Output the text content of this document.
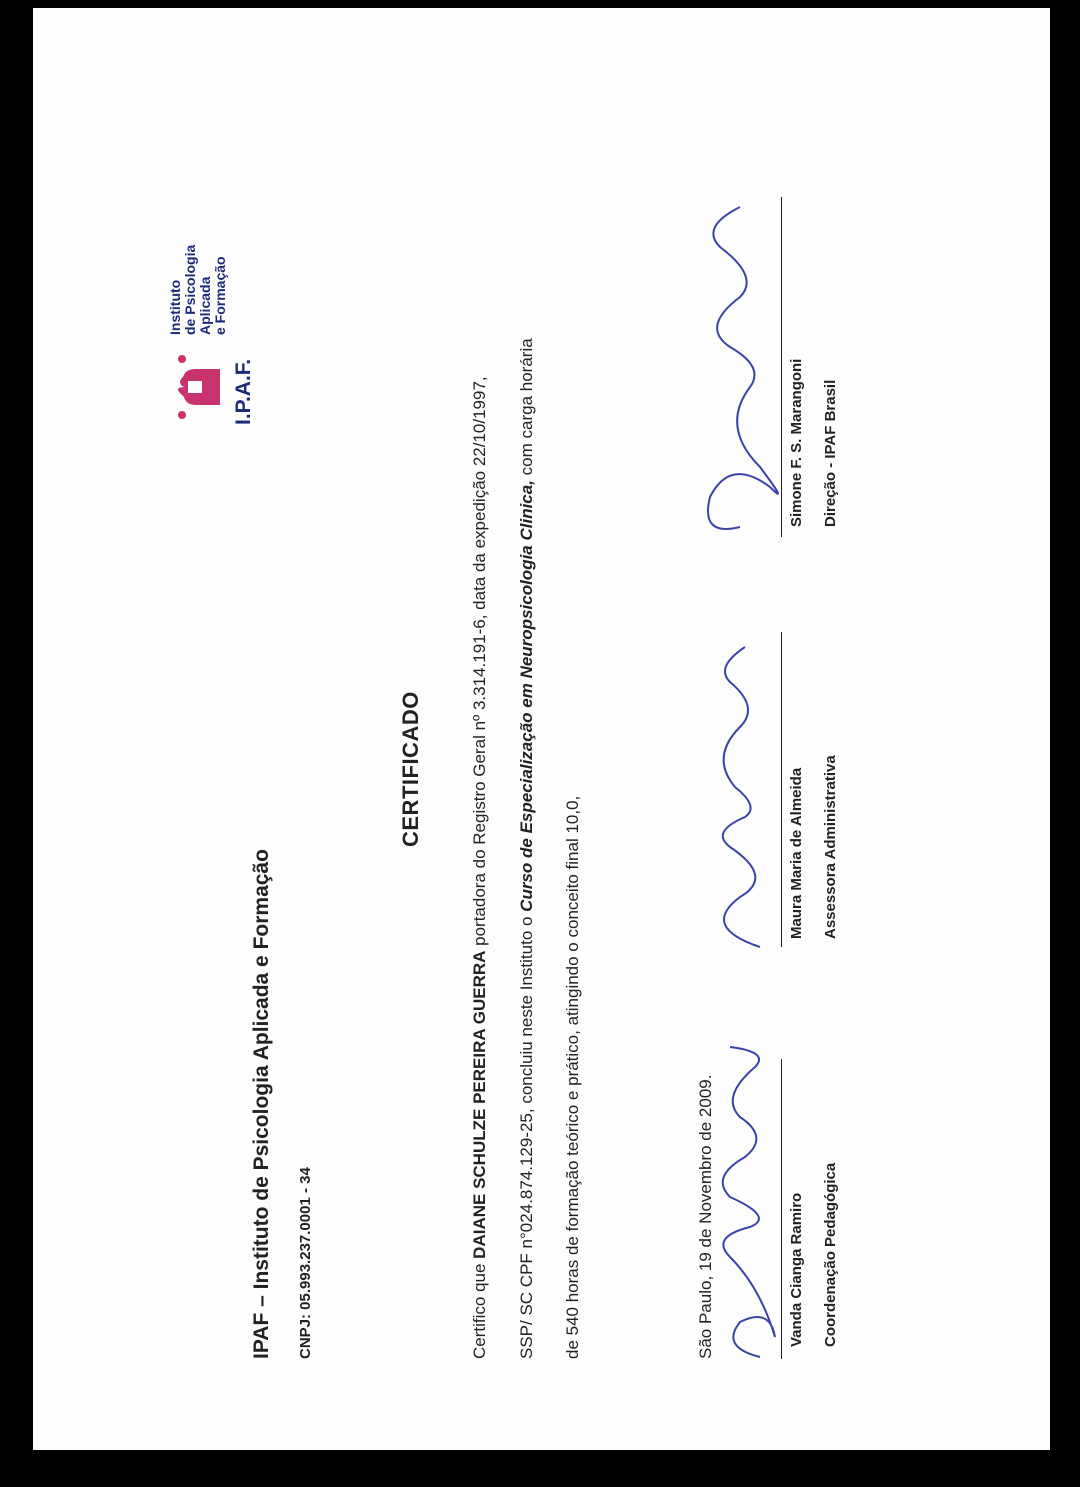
IPAF – Instituto de Psicologia Aplicada e Formação CNPJ: 05.993.237.0001 - 34
I.P.A.F.
Instituto de Psicologia Aplicada e Formação
CERTIFICADO
Certifico que DAIANE SCHULZE PEREIRA GUERRA portadora do Registro Geral nº 3.314.191-6, data da expedição 22/10/1997,
SSP/ SC CPF n°024.874.129-25, concluiu neste Instituto o Curso de Especialização em Neuropsicologia Clinica, com carga horária
de 540 horas de formação teórico e prático, atingindo o conceito final 10,0,	São Paulo, 19 de Novembro de 2009.	Vanda Cianga Ramiro Coordenação Pedagógica
Maura Maria de Almeida Assessora Administrativa
Simone F. S. Marangoni Direção - IPAF Brasil
